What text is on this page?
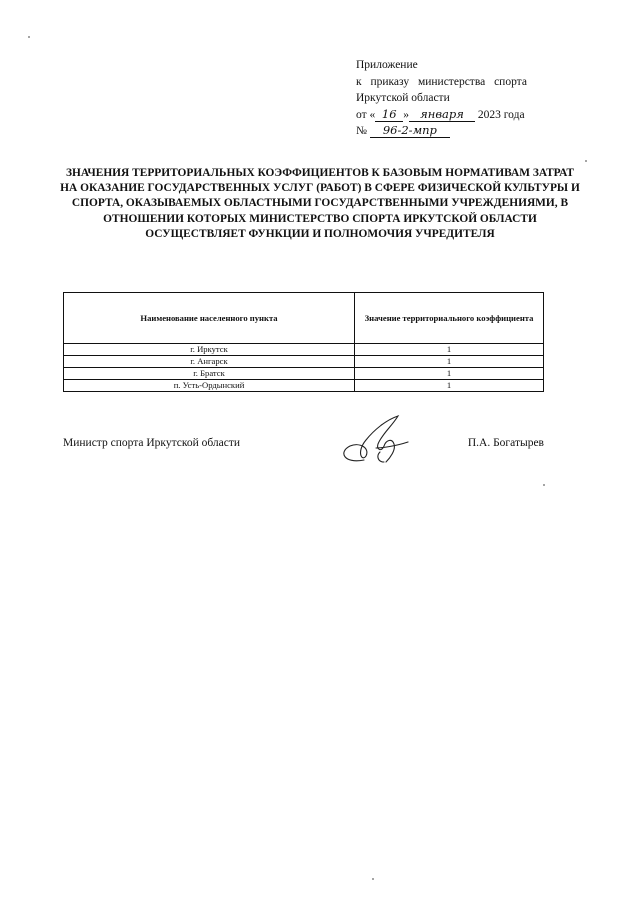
Приложение
к приказу министерства спорта
Иркутской области
от « 16 » января 2023 года
№ 96-2-мпр
ЗНАЧЕНИЯ ТЕРРИТОРИАЛЬНЫХ КОЭФФИЦИЕНТОВ К БАЗОВЫМ НОРМАТИВАМ ЗАТРАТ НА ОКАЗАНИЕ ГОСУДАРСТВЕННЫХ УСЛУГ (РАБОТ) В СФЕРЕ ФИЗИЧЕСКОЙ КУЛЬТУРЫ И СПОРТА, ОКАЗЫВАЕМЫХ ОБЛАСТНЫМИ ГОСУДАРСТВЕННЫМИ УЧРЕЖДЕНИЯМИ, В ОТНОШЕНИИ КОТОРЫХ МИНИСТЕРСТВО СПОРТА ИРКУТСКОЙ ОБЛАСТИ ОСУЩЕСТВЛЯЕТ ФУНКЦИИ И ПОЛНОМОЧИЯ УЧРЕДИТЕЛЯ
Наименование населенного пункта	Значение территориального коэффициента
г. Иркутск	1
г. Ангарск	1
г. Братск	1
п. Усть-Ордынский	1
Министр спорта Иркутской области	П.А. Богатырев
